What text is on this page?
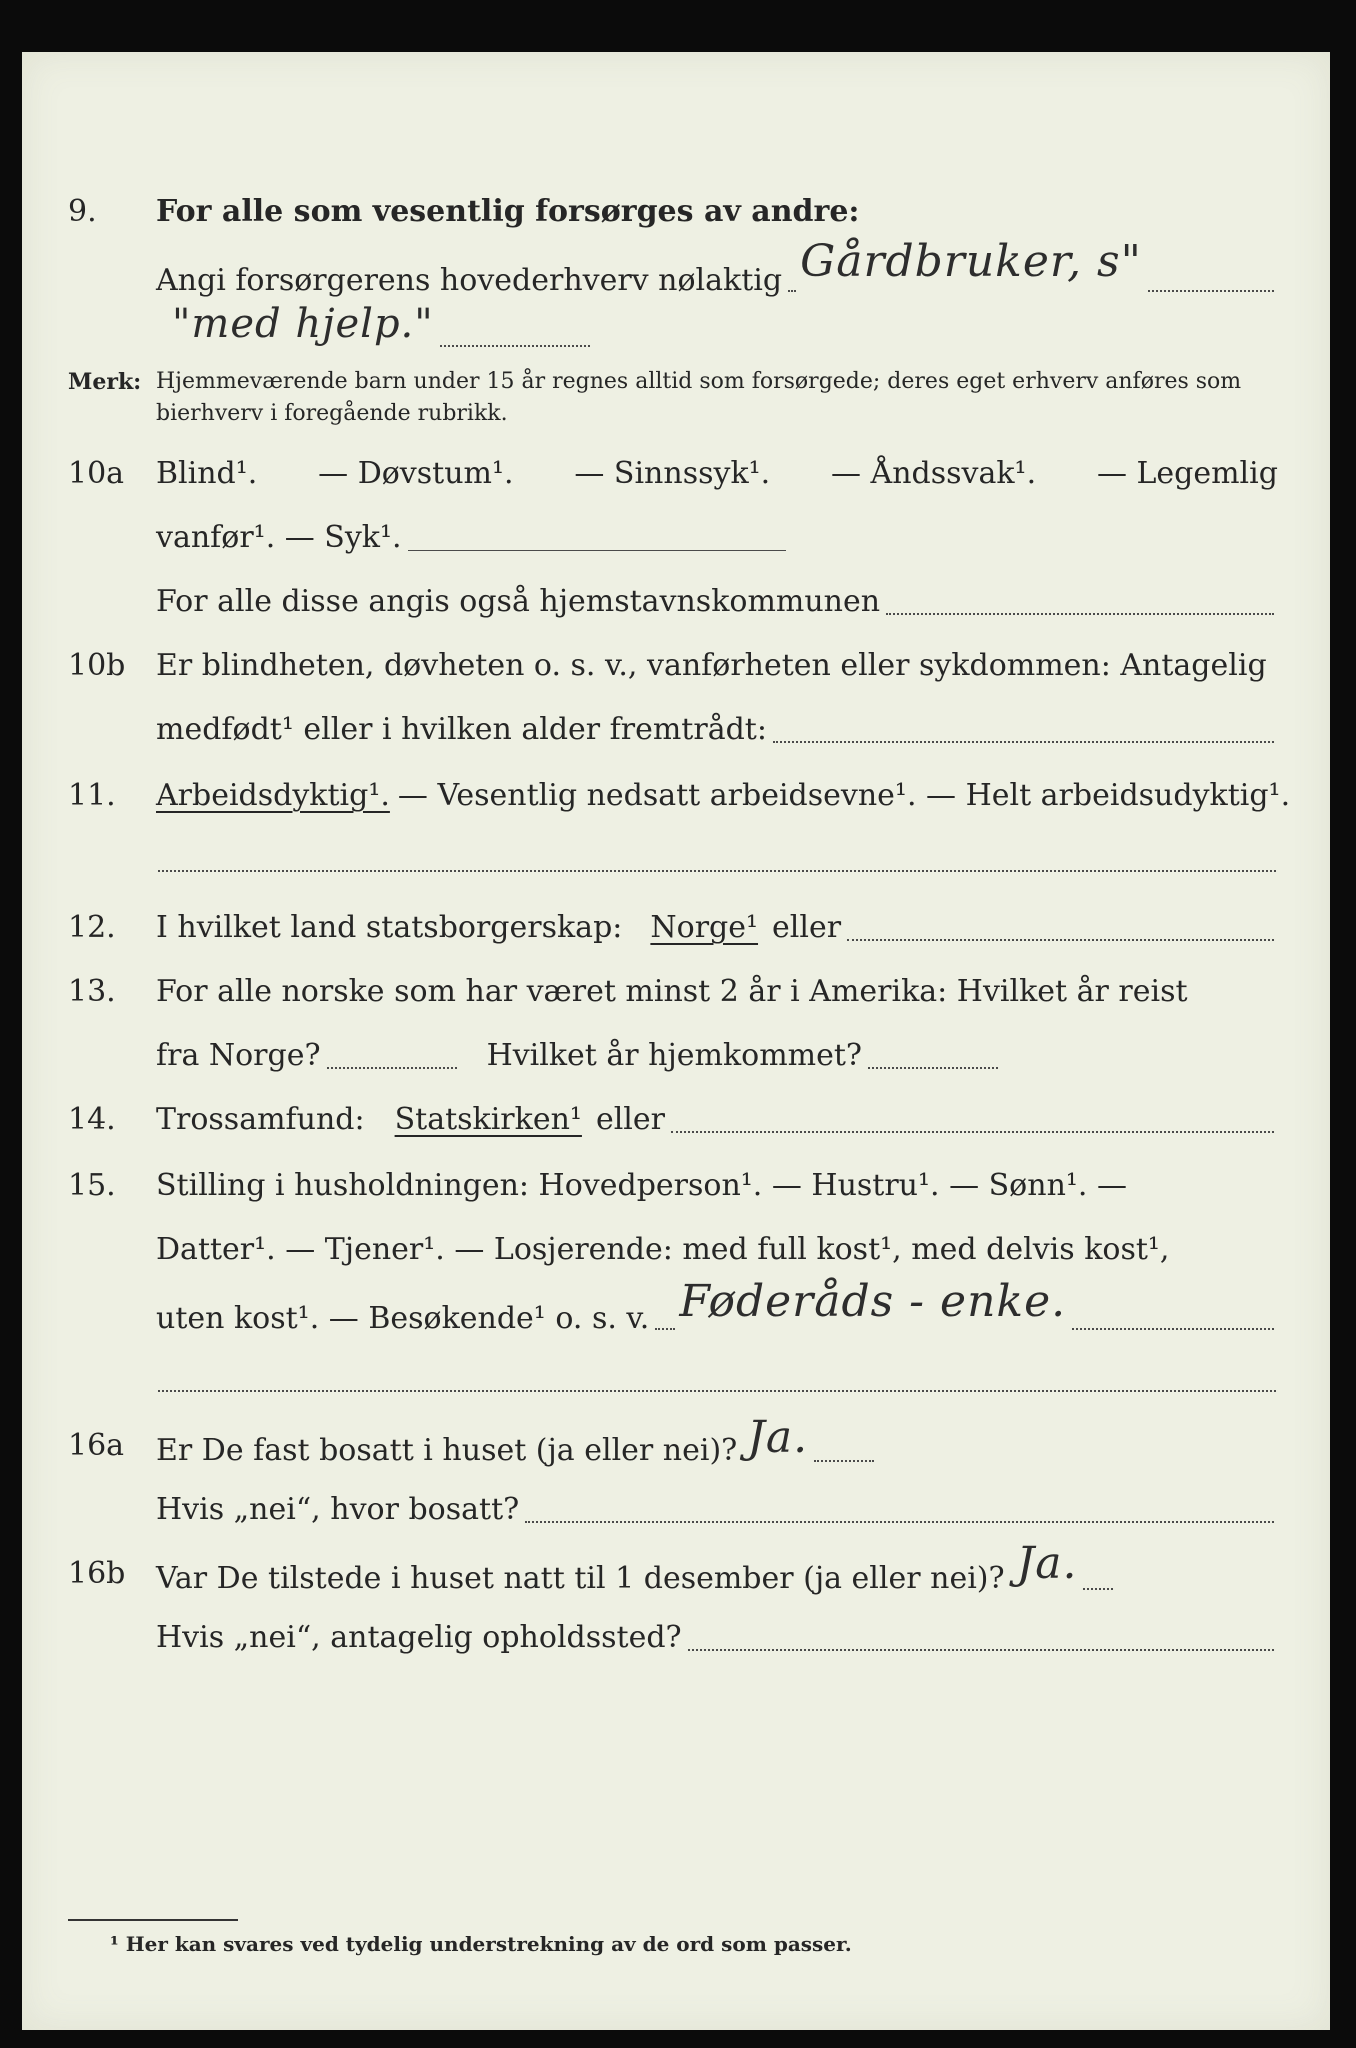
9. For alle som vesentlig forsørges av andre:
Angi forsørgerens hovederhverv nølaktig Gårdbruker, s"
"med hjelp."
Merk: Hjemmeværende barn under 15 år regnes alltid som forsørgede; deres eget erhverv anføres som bierhverv i foregående rubrikk.
10a Blind¹. — Døvstum¹. — Sinnssyk¹. — Åndssvak¹. — Legemlig
vanfør¹. — Syk¹.
For alle disse angis også hjemstavnskommunen
10b Er blindheten, døvheten o. s. v., vanførheten eller sykdommen: Antagelig
medfødt¹ eller i hvilken alder fremtrådt:
11. Arbeidsdyktig¹. — Vesentlig nedsatt arbeidsevne¹. — Helt arbeidsudyktig¹.
12. I hvilket land statsborgerskap: Norge¹ eller
13. For alle norske som har været minst 2 år i Amerika: Hvilket år reist
fra Norge?	Hvilket år hjemkommet?
14. Trossamfund: Statskirken¹ eller
15. Stilling i husholdningen: Hovedperson¹. — Hustru¹. — Sønn¹. —
Datter¹. — Tjener¹. — Losjerende: med full kost¹, med delvis kost¹,
uten kost¹. — Besøkende¹ o. s. v. Føderåds - enke.
16a Er De fast bosatt i huset (ja eller nei)? Ja.
Hvis „nei“, hvor bosatt?
16b Var De tilstede i huset natt til 1 desember (ja eller nei)? Ja.
Hvis „nei“, antagelig opholdssted?
¹ Her kan svares ved tydelig understrekning av de ord som passer.
